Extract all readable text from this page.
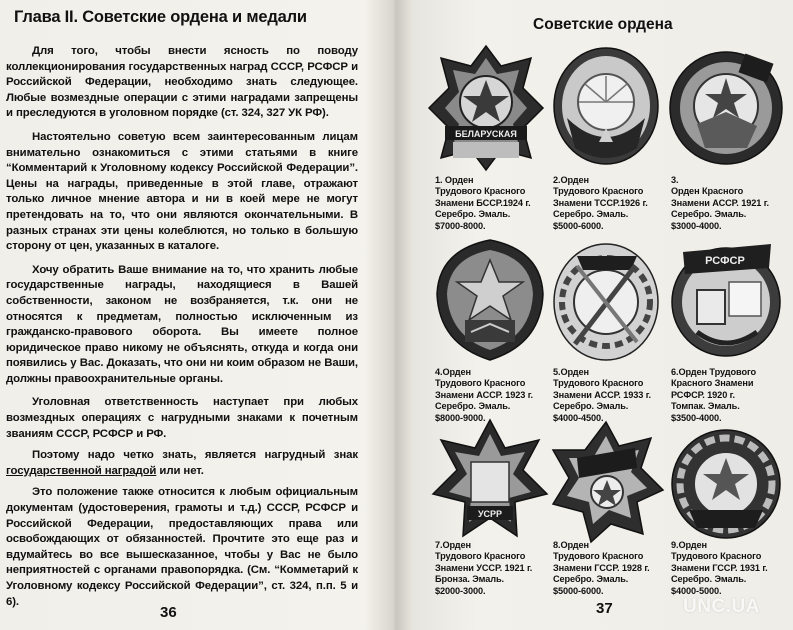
Глава II. Советские ордена и медали

Для того, чтобы внести ясность по поводу коллекционирования государственных наград СССР, РСФСР и Российской Федерации, необходимо знать следующее. Любые возмездные операции с этими наградами запрещены и преследуются в уголовном порядке (ст. 324, 327 УК РФ).

Настоятельно советую всем заинтересованным лицам внимательно ознакомиться с этими статьями в книге “Комментарий к Уголовному кодексу Российской Федерации”. Цены на награды, приведенные в этой главе, отражают только личное мнение автора и ни в коей мере не могут претендовать на то, что они являются окончательными. В разных странах эти цены колеблются, но только в большую сторону от цен, указанных в каталоге.

Хочу обратить Ваше внимание на то, что хранить любые государственные награды, находящиеся в Вашей собственности, законом не возбраняется, т.к. они не относятся к предметам, полностью исключенным из гражданско-правового оборота. Вы имеете полное юридическое право никому не объяснять, откуда и когда они появились у Вас. Доказать, что они ни коим образом не Ваши, должны правоохранительные органы.

Уголовная ответственность наступает при любых возмездных операциях с нагрудными знаками к почетным званиям СССР, РСФСР и РФ.

Поэтому надо четко знать, является нагрудный знак государственной наградой или нет.

Это положение также относится к любым официальным документам (удостоверения, грамоты и т.д.) СССР, РСФСР и Российской Федерации, предоставляющих права или освобождающих от обязанностей. Прочтите это еще раз и вдумайтесь во все вышесказанное, чтобы у Вас не было неприятностей с органами правопорядка. (См. “Комметарий к Уголовному кодексу Российской Федерации”, ст. 324, п.п. 5 и 6).

36
Советские ордена
БЕЛАРУСКАЯ
1. Орден
Трудового Красного
Знамени БССР.1924 г.
Серебро. Эмаль.
$7000-8000.
2.Орден
Трудового Красного
Знамени ТССР.1926 г.
Серебро. Эмаль.
$5000-6000.
3.
Орден Красного
Знамени АССР. 1921 г.
Серебро. Эмаль.
$3000-4000.
4.Орден
Трудового Красного
Знамени АССР. 1923 г.
Серебро. Эмаль.
$8000-9000.
5.Орден
Трудового Красного
Знамени АССР. 1933 г.
Серебро. Эмаль.
$4000-4500.
РСФСР
6.Орден Трудового
Красного Знамени
РСФСР. 1920 г.
Томпак. Эмаль.
$3500-4000.
УСРР
7.Орден
Трудового Красного
Знамени УССР. 1921 г.
Бронза. Эмаль.
$2000-3000.
8.Орден
Трудового Красного
Знамени ГССР. 1928 г.
Серебро. Эмаль.
$5000-6000.
9.Орден
Трудового Красного
Знамени ГССР. 1931 г.
Серебро. Эмаль.
$4000-5000.
37	UNC.UA
